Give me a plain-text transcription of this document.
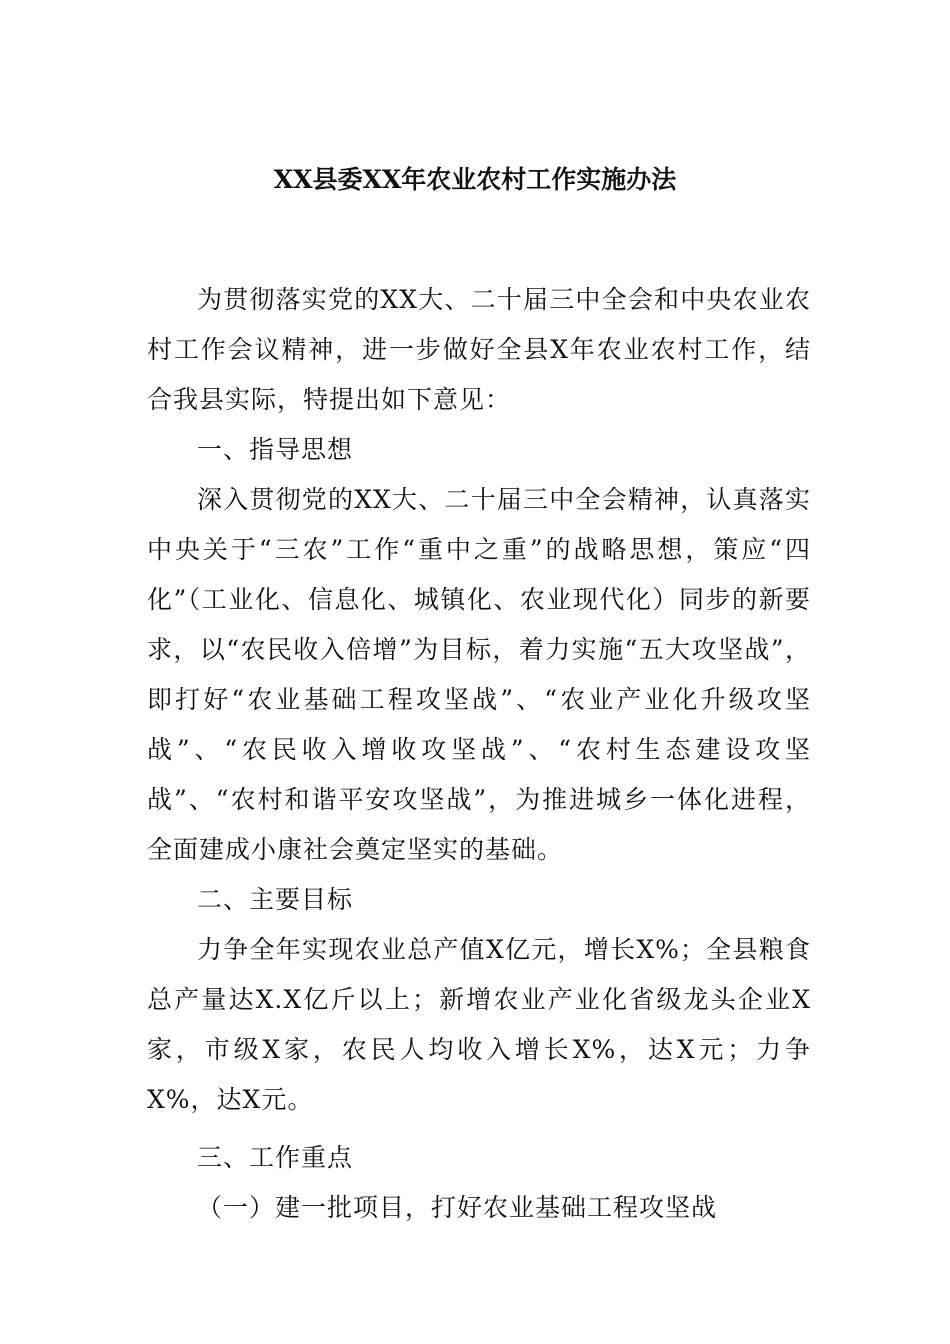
XX县委XX年农业农村工作实施办法

为贯彻落实党的XX大、二十届三中全会和中央农业农村工作会议精神，进一步做好全县X年农业农村工作，结合我县实际，特提出如下意见：

一、指导思想

深入贯彻党的XX大、二十届三中全会精神，认真落实中央关于“三农”工作“重中之重”的战略思想，策应“四化”（工业化、信息化、城镇化、农业现代化）同步的新要求，以“农民收入倍增”为目标，着力实施“五大攻坚战”，即打好“农业基础工程攻坚战”、“农业产业化升级攻坚战”、“农民收入增收攻坚战”、“农村生态建设攻坚战”、“农村和谐平安攻坚战”，为推进城乡一体化进程，全面建成小康社会奠定坚实的基础。

二、主要目标

力争全年实现农业总产值X亿元，增长X%；全县粮食总产量达X.X亿斤以上；新增农业产业化省级龙头企业X家，市级X家，农民人均收入增长X%，达X元；力争X%，达X元。

三、工作重点

（一）建一批项目，打好农业基础工程攻坚战
